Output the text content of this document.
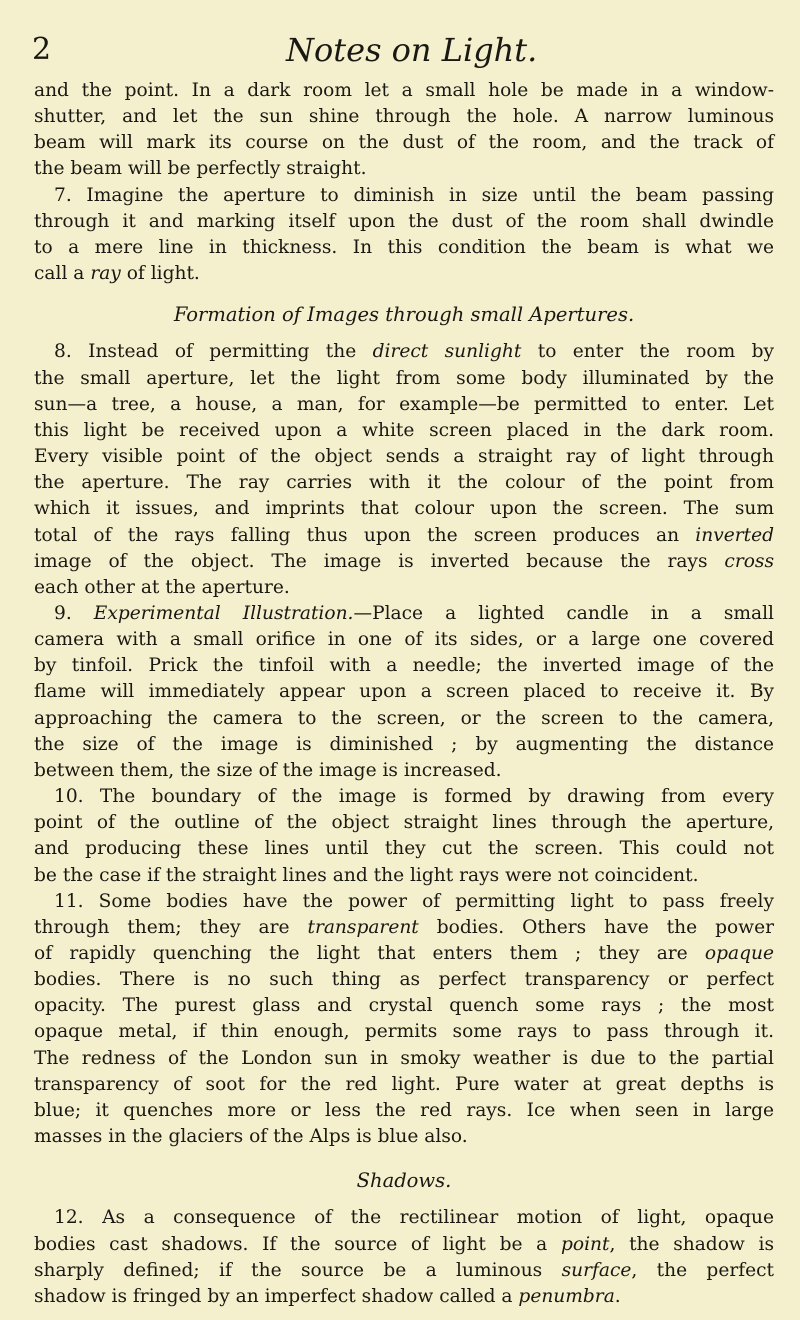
2	Notes on Light.

and the point. In a dark room let a small hole be made in a window-
shutter, and let the sun shine through the hole. A narrow luminous
beam will mark its course on the dust of the room, and the track of
the beam will be perfectly straight.

7. Imagine the aperture to diminish in size until the beam passing
through it and marking itself upon the dust of the room shall dwindle
to a mere line in thickness. In this condition the beam is what we
call a ray of light.

Formation of Images through small Apertures.

8. Instead of permitting the direct sunlight to enter the room by
the small aperture, let the light from some body illuminated by the
sun—a tree, a house, a man, for example—be permitted to enter. Let
this light be received upon a white screen placed in the dark room.
Every visible point of the object sends a straight ray of light through
the aperture. The ray carries with it the colour of the point from
which it issues, and imprints that colour upon the screen. The sum
total of the rays falling thus upon the screen produces an inverted
image of the object. The image is inverted because the rays cross
each other at the aperture.

9. Experimental Illustration.—Place a lighted candle in a small
camera with a small orifice in one of its sides, or a large one covered
by tinfoil. Prick the tinfoil with a needle; the inverted image of the
flame will immediately appear upon a screen placed to receive it. By
approaching the camera to the screen, or the screen to the camera,
the size of the image is diminished ; by augmenting the distance
between them, the size of the image is increased.

10. The boundary of the image is formed by drawing from every
point of the outline of the object straight lines through the aperture,
and producing these lines until they cut the screen. This could not
be the case if the straight lines and the light rays were not coincident.

11. Some bodies have the power of permitting light to pass freely
through them; they are transparent bodies. Others have the power
of rapidly quenching the light that enters them ; they are opaque
bodies. There is no such thing as perfect transparency or perfect
opacity. The purest glass and crystal quench some rays ; the most
opaque metal, if thin enough, permits some rays to pass through it.
The redness of the London sun in smoky weather is due to the partial
transparency of soot for the red light. Pure water at great depths is
blue; it quenches more or less the red rays. Ice when seen in large
masses in the glaciers of the Alps is blue also.

Shadows.

12. As a consequence of the rectilinear motion of light, opaque
bodies cast shadows. If the source of light be a point, the shadow is
sharply defined; if the source be a luminous surface, the perfect
shadow is fringed by an imperfect shadow called a penumbra.
